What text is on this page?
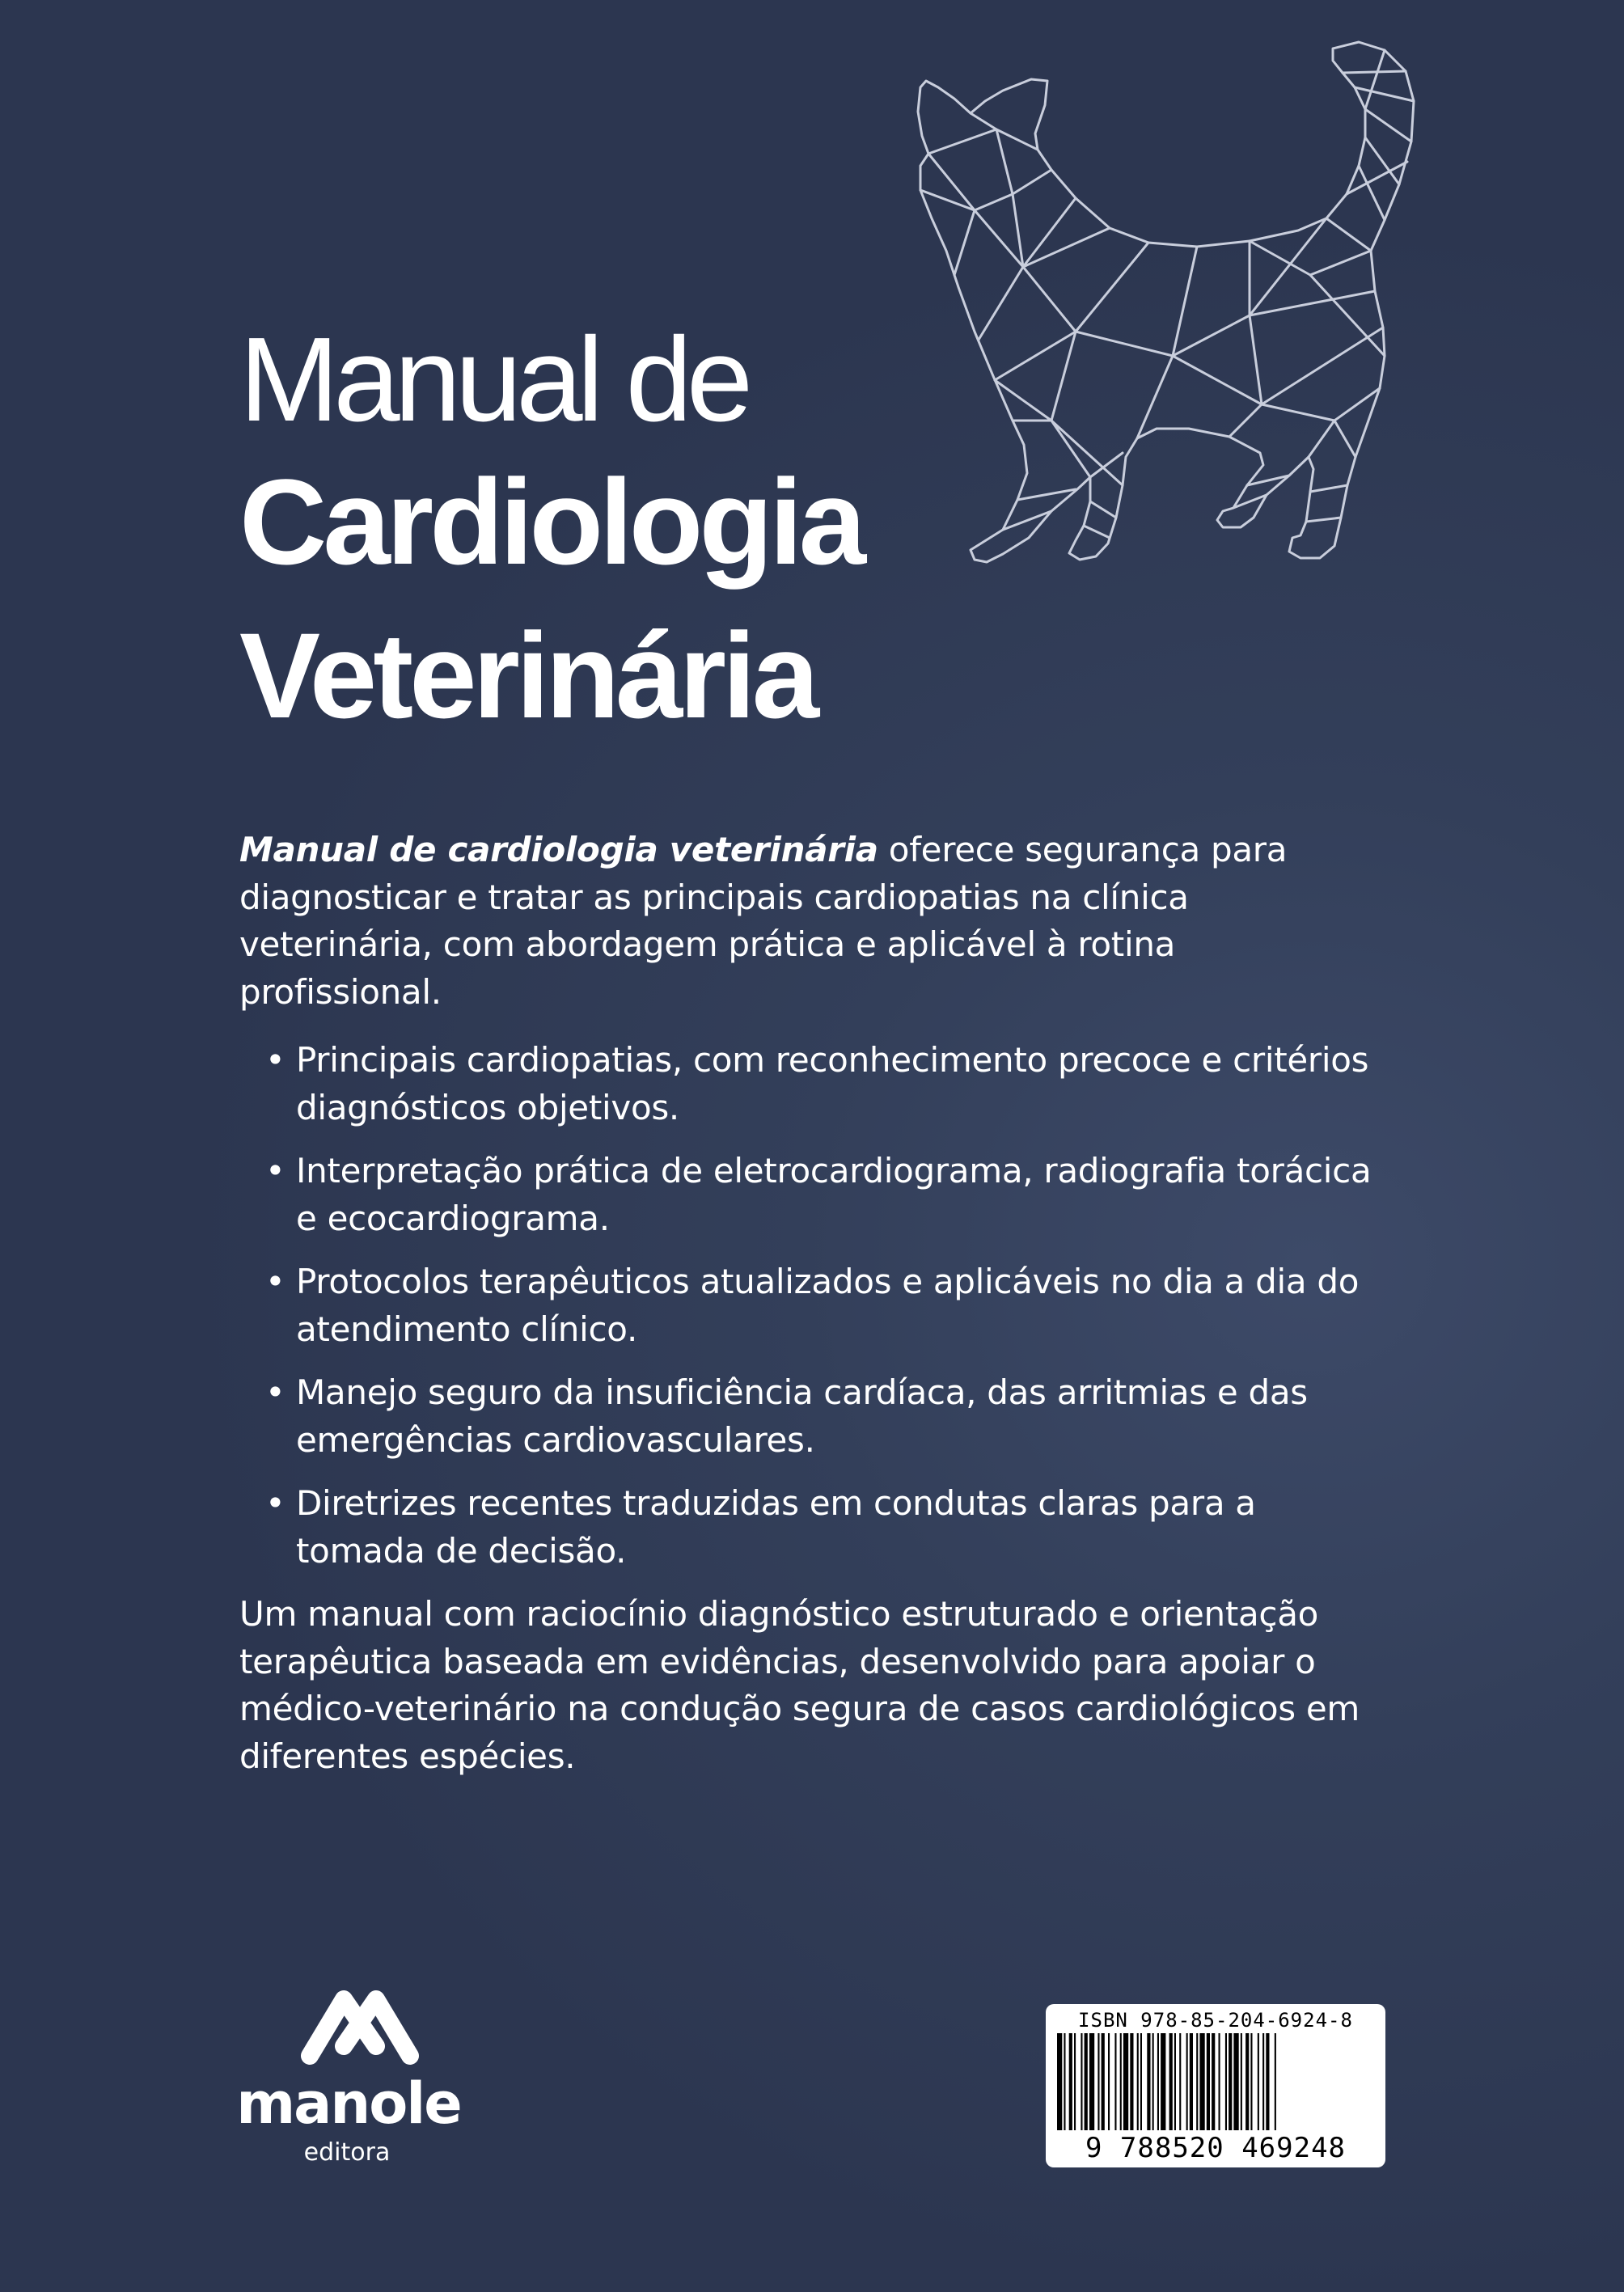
Manual de
Cardiologia
Veterinária

Manual de cardiologia veterinária oferece segurança para diagnosticar e tratar as principais cardiopatias na clínica veterinária, com abordagem prática e aplicável à rotina profissional.

• Principais cardiopatias, com reconhecimento precoce e critérios diagnósticos objetivos.
• Interpretação prática de eletrocardiograma, radiografia torácica e ecocardiograma.
• Protocolos terapêuticos atualizados e aplicáveis no dia a dia do atendimento clínico.
• Manejo seguro da insuficiência cardíaca, das arritmias e das emergências cardiovasculares.
• Diretrizes recentes traduzidas em condutas claras para a tomada de decisão.

Um manual com raciocínio diagnóstico estruturado e orientação terapêutica baseada em evidências, desenvolvido para apoiar o médico-veterinário na condução segura de casos cardiológicos em diferentes espécies.

manole
editora
ISBN 978-85-204-6924-8
9 788520 469248
